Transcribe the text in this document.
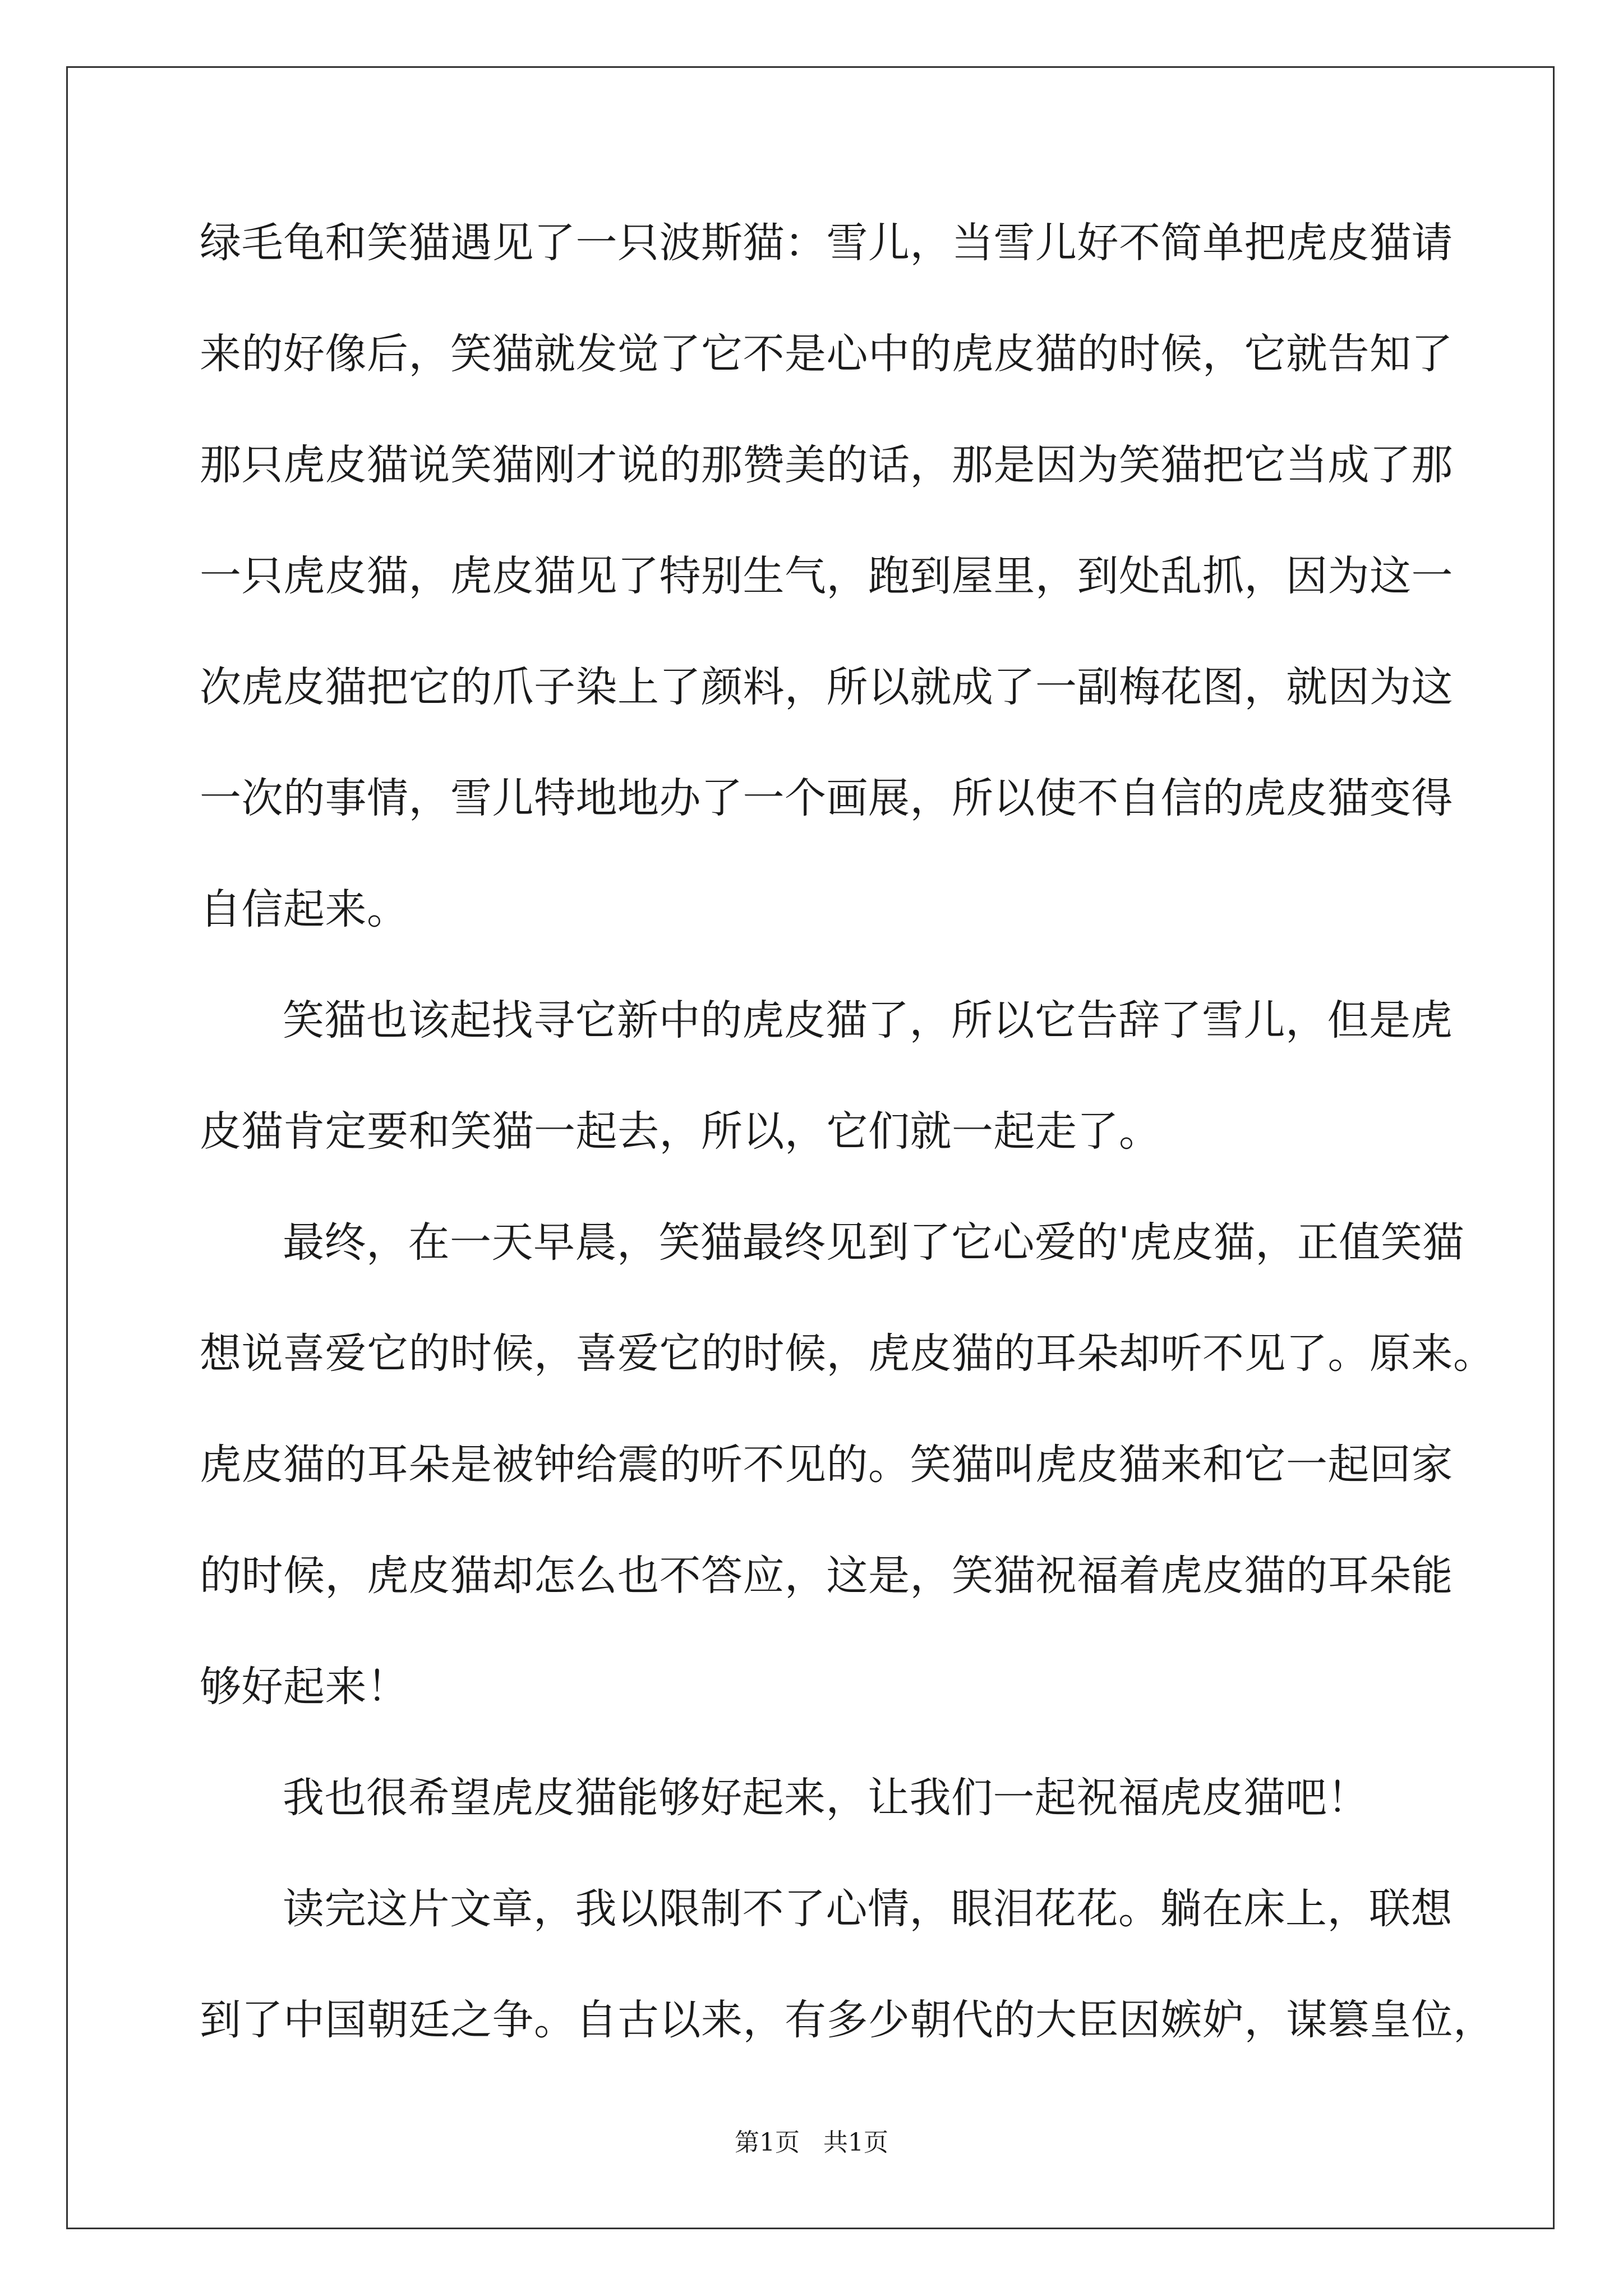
绿毛龟和笑猫遇见了一只波斯猫：雪儿，当雪儿好不简单把虎皮猫请
来的好像后，笑猫就发觉了它不是心中的虎皮猫的时候，它就告知了
那只虎皮猫说笑猫刚才说的那赞美的话，那是因为笑猫把它当成了那
一只虎皮猫，虎皮猫见了特别生气，跑到屋里，到处乱抓，因为这一
次虎皮猫把它的爪子染上了颜料，所以就成了一副梅花图，就因为这
一次的事情，雪儿特地地办了一个画展，所以使不自信的虎皮猫变得
自信起来。
笑猫也该起找寻它新中的虎皮猫了，所以它告辞了雪儿，但是虎
皮猫肯定要和笑猫一起去，所以，它们就一起走了。
最终，在一天早晨，笑猫最终见到了它心爱的'虎皮猫，正值笑猫
想说喜爱它的时候，喜爱它的时候，虎皮猫的耳朵却听不见了。原来。
虎皮猫的耳朵是被钟给震的听不见的。笑猫叫虎皮猫来和它一起回家
的时候，虎皮猫却怎么也不答应，这是，笑猫祝福着虎皮猫的耳朵能
够好起来！
我也很希望虎皮猫能够好起来，让我们一起祝福虎皮猫吧！
读完这片文章，我以限制不了心情，眼泪花花。躺在床上，联想
到了中国朝廷之争。自古以来，有多少朝代的大臣因嫉妒，谋篡皇位，
第1页   共1页
